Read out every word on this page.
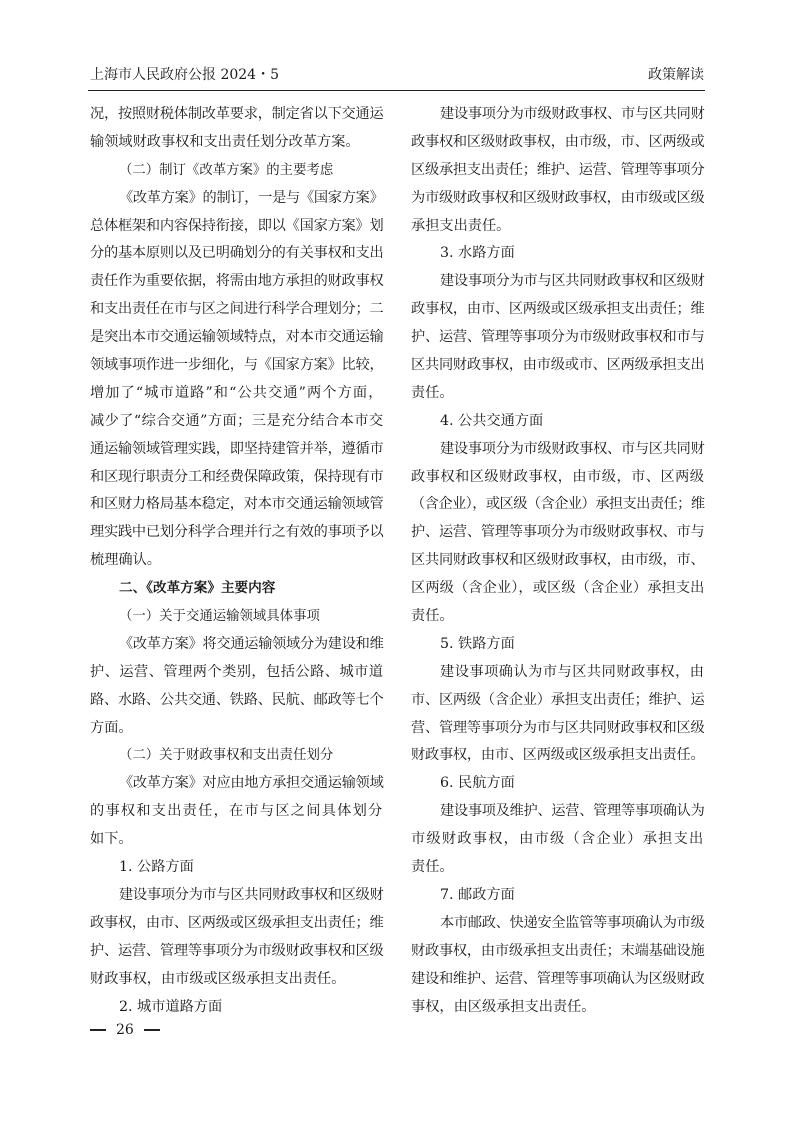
上海市人民政府公报 2024・5	政策解读
况，按照财税体制改革要求，制定省以下交通运
输领域财政事权和支出责任划分改革方案。
（二）制订《改革方案》的主要考虑
《改革方案》的制订，一是与《国家方案》
总体框架和内容保持衔接，即以《国家方案》划
分的基本原则以及已明确划分的有关事权和支出
责任作为重要依据，将需由地方承担的财政事权
和支出责任在市与区之间进行科学合理划分；二
是突出本市交通运输领域特点，对本市交通运输
领域事项作进一步细化，与《国家方案》比较，
增加了“城市道路”和“公共交通”两个方面，
减少了“综合交通”方面；三是充分结合本市交
通运输领域管理实践，即坚持建管并举，遵循市
和区现行职责分工和经费保障政策，保持现有市
和区财力格局基本稳定，对本市交通运输领域管
理实践中已划分科学合理并行之有效的事项予以
梳理确认。
二、《改革方案》主要内容
（一）关于交通运输领域具体事项
《改革方案》将交通运输领域分为建设和维
护、运营、管理两个类别，包括公路、城市道
路、水路、公共交通、铁路、民航、邮政等七个
方面。
（二）关于财政事权和支出责任划分
《改革方案》对应由地方承担交通运输领域
的事权和支出责任，在市与区之间具体划分
如下。
1. 公路方面
建设事项分为市与区共同财政事权和区级财
政事权，由市、区两级或区级承担支出责任；维
护、运营、管理等事项分为市级财政事权和区级
财政事权，由市级或区级承担支出责任。
2. 城市道路方面
建设事项分为市级财政事权、市与区共同财
政事权和区级财政事权，由市级，市、区两级或
区级承担支出责任；维护、运营、管理等事项分
为市级财政事权和区级财政事权，由市级或区级
承担支出责任。
3. 水路方面
建设事项分为市与区共同财政事权和区级财
政事权，由市、区两级或区级承担支出责任；维
护、运营、管理等事项分为市级财政事权和市与
区共同财政事权，由市级或市、区两级承担支出
责任。
4. 公共交通方面
建设事项分为市级财政事权、市与区共同财
政事权和区级财政事权，由市级，市、区两级
（含企业），或区级（含企业）承担支出责任；维
护、运营、管理等事项分为市级财政事权、市与
区共同财政事权和区级财政事权，由市级，市、
区两级（含企业），或区级（含企业）承担支出
责任。
5. 铁路方面
建设事项确认为市与区共同财政事权，由
市、区两级（含企业）承担支出责任；维护、运
营、管理等事项分为市与区共同财政事权和区级
财政事权，由市、区两级或区级承担支出责任。
6. 民航方面
建设事项及维护、运营、管理等事项确认为
市级财政事权，由市级（含企业）承担支出
责任。
7. 邮政方面
本市邮政、快递安全监管等事项确认为市级
财政事权，由市级承担支出责任；末端基础设施
建设和维护、运营、管理等事项确认为区级财政
事权，由区级承担支出责任。
26
